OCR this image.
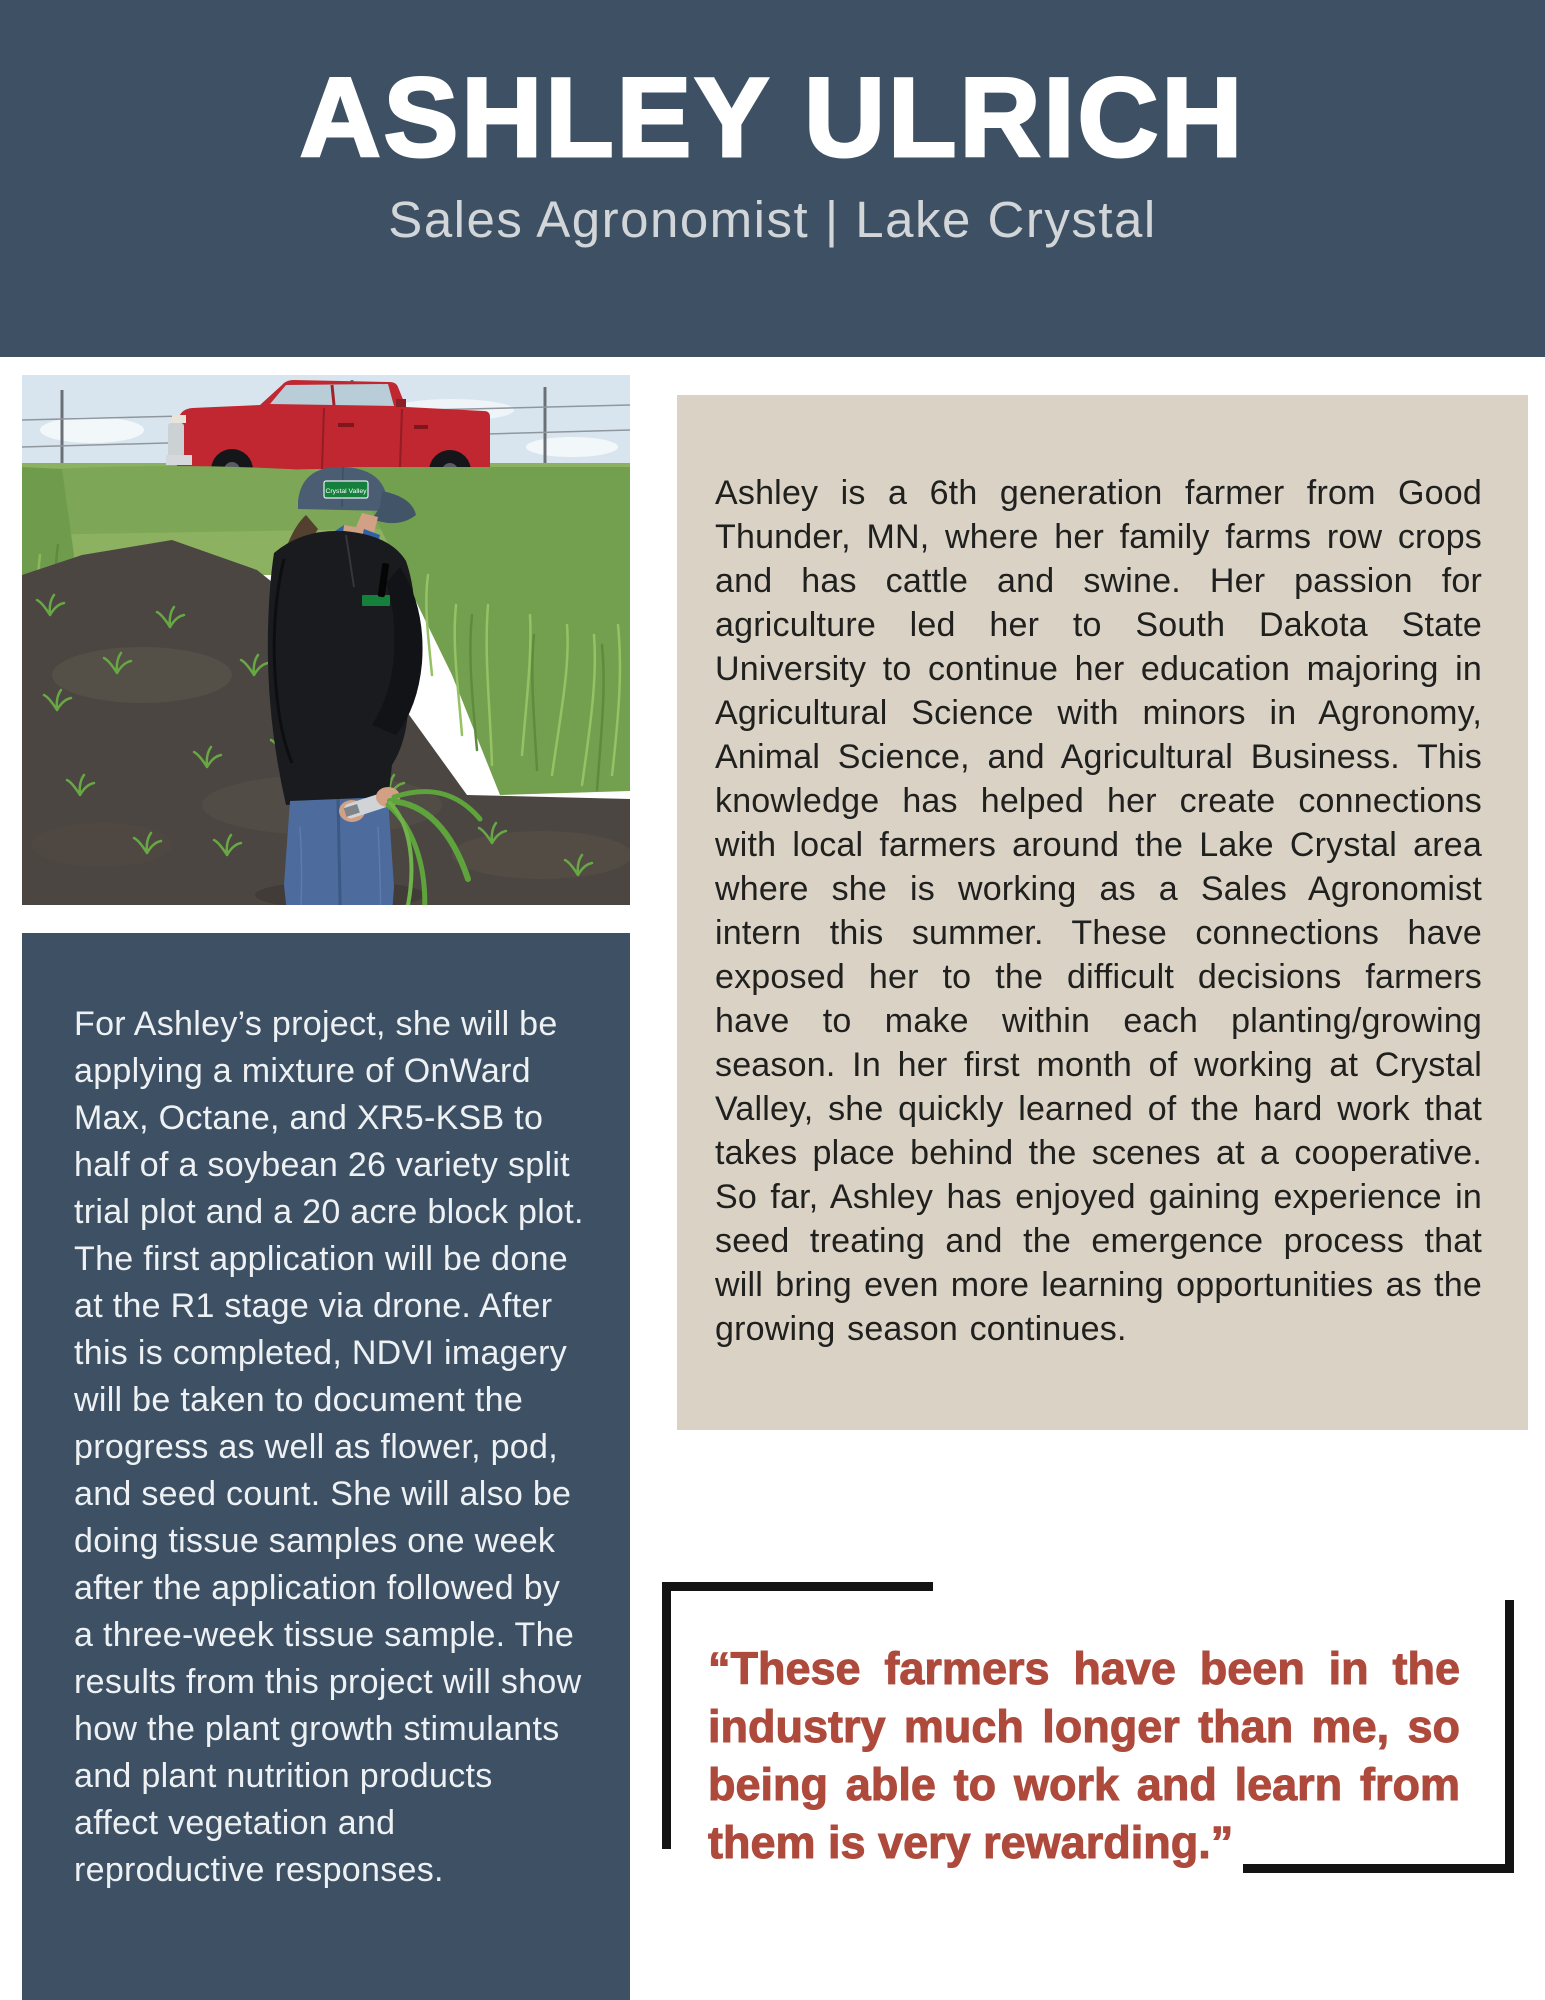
ASHLEY ULRICH
Sales Agronomist | Lake Crystal
Crystal Valley	Ashley is a 6th generation farmer from Good Thunder, MN, where her family farms row crops and has cattle and swine. Her passion for agriculture led her to South Dakota State University to continue her education majoring in Agricultural Science with minors in Agronomy, Animal Science, and Agricultural Business. This knowledge has helped her create connections with local farmers around the Lake Crystal area where she is working as a Sales Agronomist intern this summer. These connections have exposed her to the difficult decisions farmers have to make within each planting/growing season. In her first month of working at Crystal Valley, she quickly learned of the hard work that takes place behind the scenes at a cooperative. So far, Ashley has enjoyed gaining experience in seed treating and the emergence process that will bring even more learning opportunities as the growing season continues.
For Ashley’s project, she will be applying a mixture of OnWard Max, Octane, and XR5-KSB to half of a soybean 26 variety split trial plot and a 20 acre block plot. The first application will be done at the R1 stage via drone. After this is completed, NDVI imagery will be taken to document the progress as well as flower, pod, and seed count. She will also be doing tissue samples one week after the application followed by a three-week tissue sample. The results from this project will show how the plant growth stimulants and plant nutrition products affect vegetation and reproductive responses.
“These farmers have been in the industry much longer than me, so being able to work and learn from them is very rewarding.”
